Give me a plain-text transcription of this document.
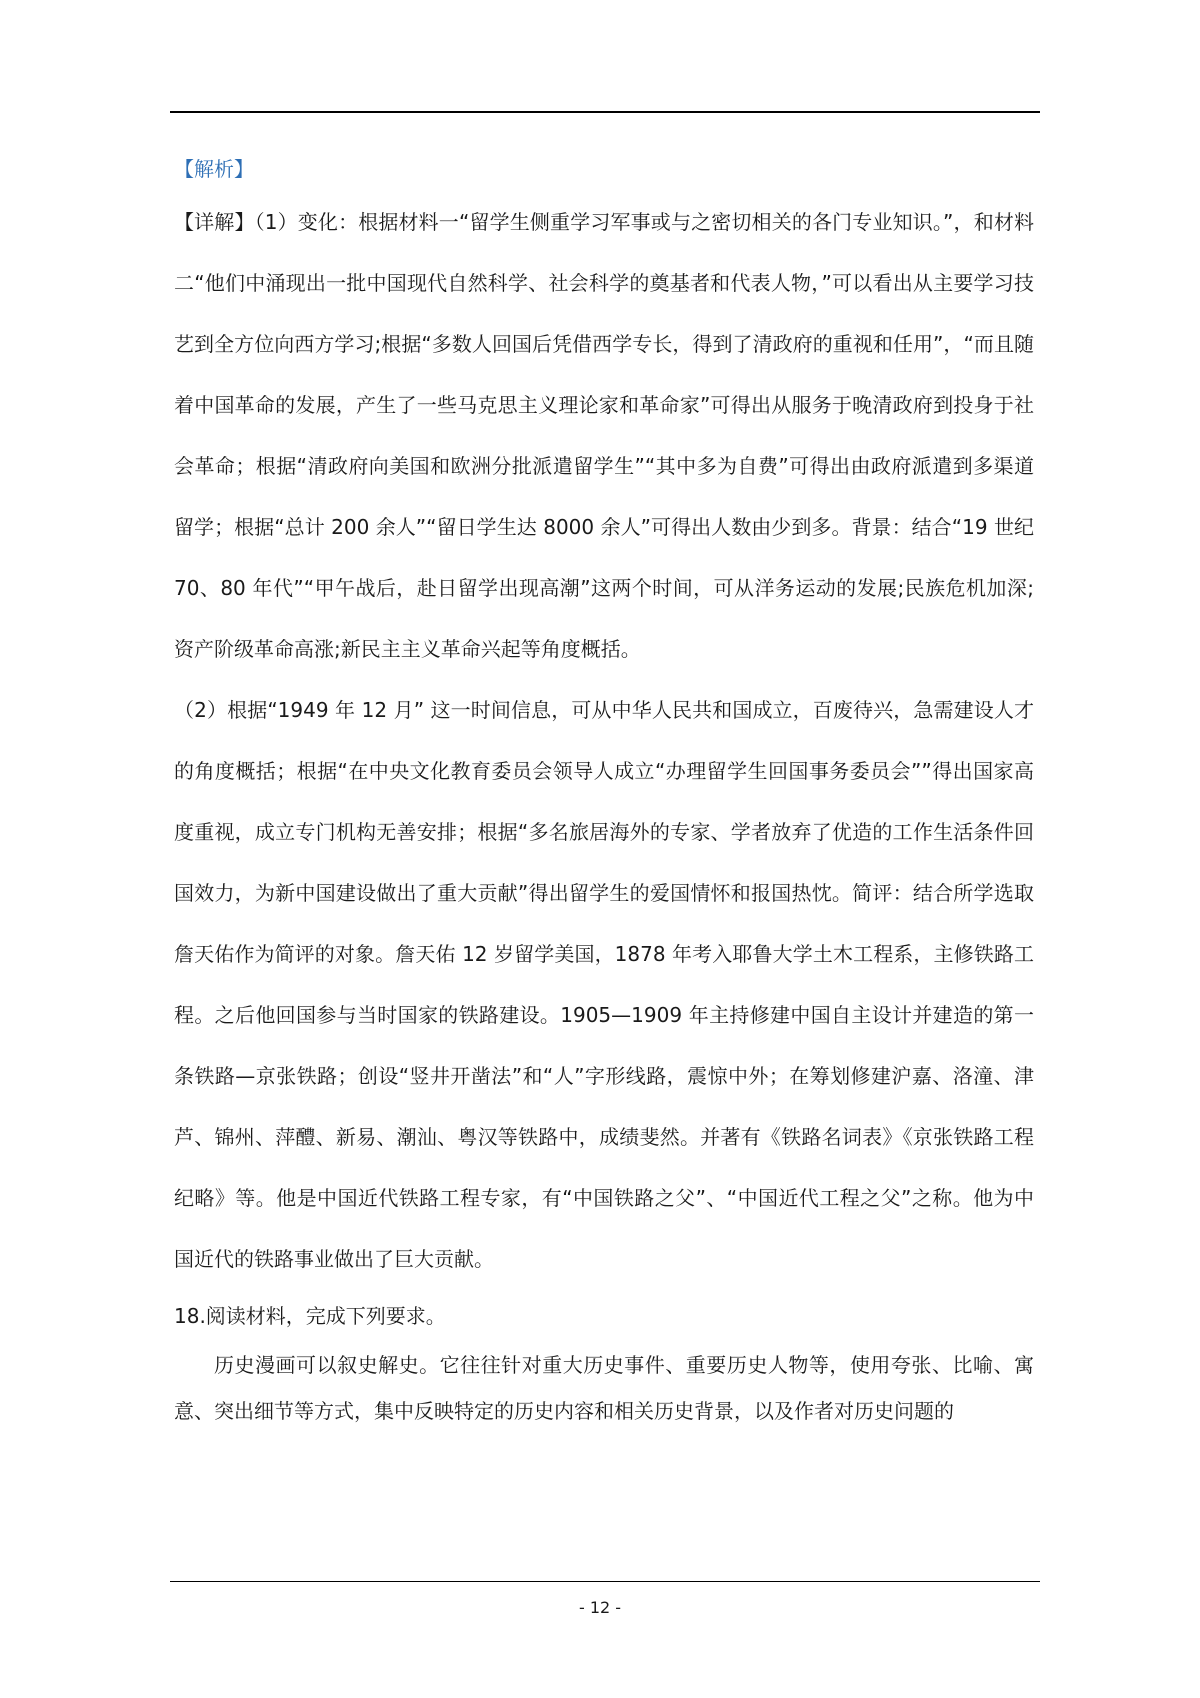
【解析】

【详解】（1）变化：根据材料一“留学生侧重学习军事或与之密切相关的各门专业知识。”，和材料二“他们中涌现出一批中国现代自然科学、社会科学的奠基者和代表人物，”可以看出从主要学习技艺到全方位向西方学习;根据“多数人回国后凭借西学专长，得到了清政府的重视和任用”，“而且随着中国革命的发展，产生了一些马克思主义理论家和革命家”可得出从服务于晚清政府到投身于社会革命；根据“清政府向美国和欧洲分批派遣留学生”“其中多为自费”可得出由政府派遣到多渠道留学；根据“总计 200 余人”“留日学生达 8000 余人”可得出人数由少到多。背景：结合“19 世纪 70、80 年代”“甲午战后，赴日留学出现高潮”这两个时间，可从洋务运动的发展;民族危机加深;资产阶级革命高涨;新民主主义革命兴起等角度概括。

（2）根据“1949 年 12 月” 这一时间信息，可从中华人民共和国成立，百废待兴，急需建设人才的角度概括；根据“在中央文化教育委员会领导人成立“办理留学生回国事务委员会””得出国家高度重视，成立专门机构无善安排；根据“多名旅居海外的专家、学者放弃了优造的工作生活条件回国效力，为新中国建设做出了重大贡献”得出留学生的爱国情怀和报国热忱。简评：结合所学选取詹天佑作为简评的对象。詹天佑 12 岁留学美国，1878 年考入耶鲁大学土木工程系，主修铁路工程。之后他回国参与当时国家的铁路建设。1905—1909 年主持修建中国自主设计并建造的第一条铁路—京张铁路；创设“竖井开凿法”和“人”字形线路，震惊中外；在筹划修建沪嘉、洛潼、津芦、锦州、萍醴、新易、潮汕、粤汉等铁路中，成绩斐然。并著有《铁路名词表》《京张铁路工程纪略》等。他是中国近代铁路工程专家，有“中国铁路之父”、“中国近代工程之父”之称。他为中国近代的铁路事业做出了巨大贡献。

18.阅读材料，完成下列要求。

历史漫画可以叙史解史。它往往针对重大历史事件、重要历史人物等，使用夸张、比喻、寓意、突出细节等方式，集中反映特定的历史内容和相关历史背景，以及作者对历史问题的

- 12 -
